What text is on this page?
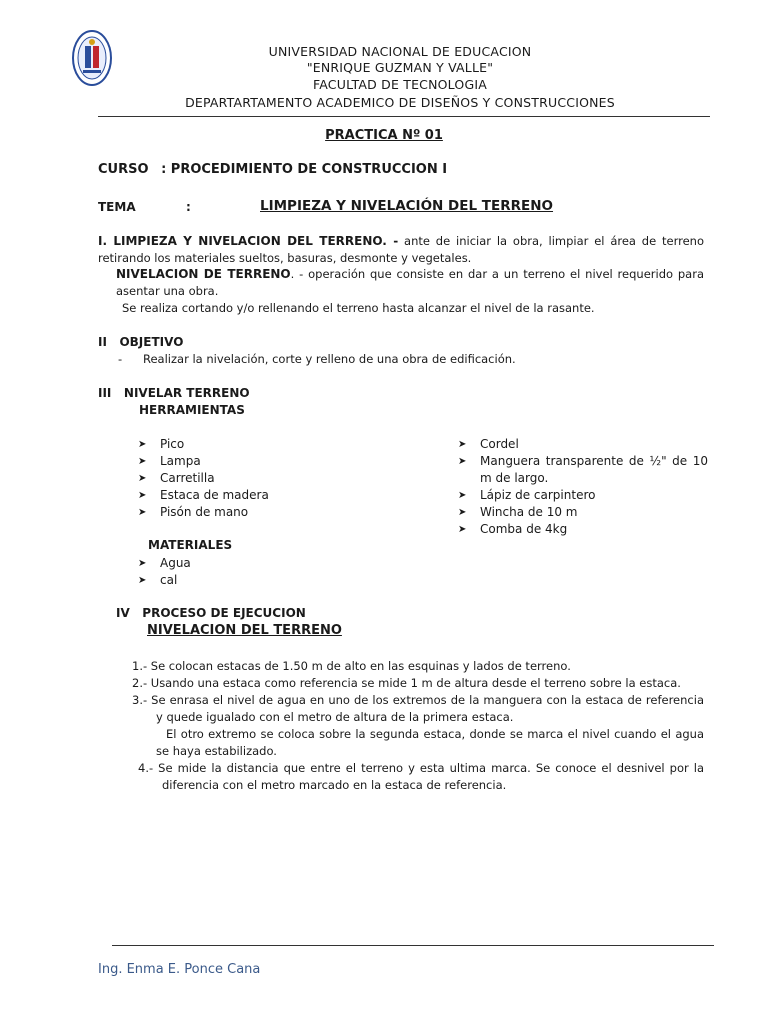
UNIVERSIDAD NACIONAL DE EDUCACION
"ENRIQUE GUZMAN Y VALLE"
FACULTAD DE TECNOLOGIA
DEPARTARTAMENTO ACADEMICO DE DISEÑOS Y CONSTRUCCIONES
PRACTICA Nº 01
CURSO : PROCEDIMIENTO DE CONSTRUCCION I
TEMA	:	LIMPIEZA Y NIVELACIÓN DEL TERRENO
I. LIMPIEZA Y NIVELACION DEL TERRENO. - ante de iniciar la obra, limpiar el área de terreno retirando los materiales sueltos, basuras, desmonte y vegetales.
NIVELACION DE TERRENO. - operación que consiste en dar a un terreno el nivel requerido para asentar una obra.
Se realiza cortando y/o rellenando el terreno hasta alcanzar el nivel de la rasante.
II   OBJETIVO
- Realizar la nivelación, corte y relleno de una obra de edificación.
III   NIVELAR TERRENO
HERRAMIENTAS
➤ Pico
➤ Lampa
➤ Carretilla
➤ Estaca de madera
➤ Pisón de mano
➤ Cordel
➤ Manguera transparente de ½" de 10 m de largo.
➤ Lápiz de carpintero
➤ Wincha de 10 m
➤ Comba de 4kg
MATERIALES
➤ Agua
➤ cal
IV   PROCESO DE EJECUCION
NIVELACION DEL TERRENO
1.- Se colocan estacas de 1.50 m de alto en las esquinas y lados de terreno.
2.- Usando una estaca como referencia se mide 1 m de altura desde el terreno sobre la estaca.
3.- Se enrasa el nivel de agua en uno de los extremos de la manguera con la estaca de referencia y quede igualado con el metro de altura de la primera estaca.
El otro extremo se coloca sobre la segunda estaca, donde se marca el nivel cuando el agua se haya estabilizado.
4.- Se mide la distancia que entre el terreno y esta ultima marca. Se conoce el desnivel por la diferencia con el metro marcado en la estaca de referencia.
Ing. Enma E. Ponce Cana
